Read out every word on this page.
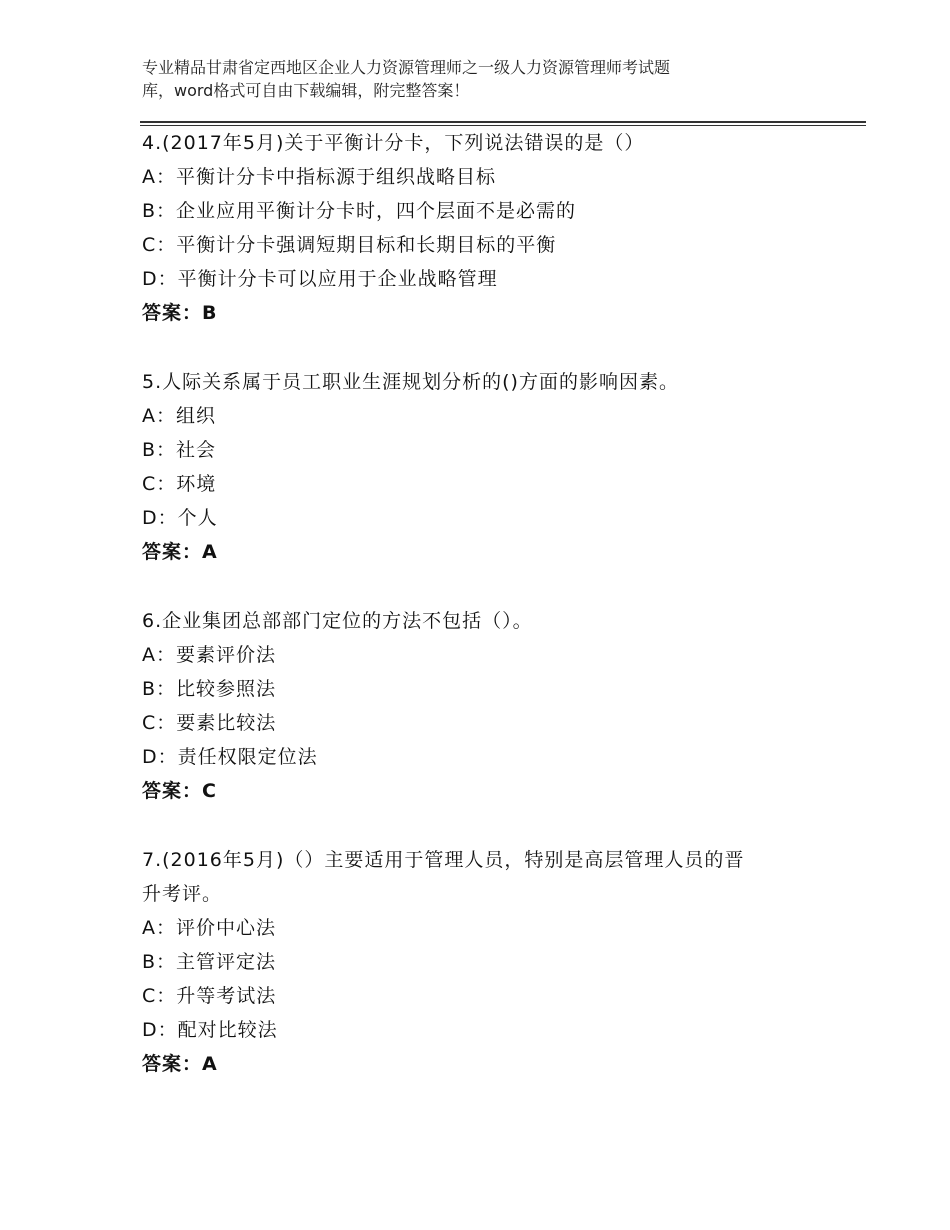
专业精品甘肃省定西地区企业人力资源管理师之一级人力资源管理师考试题
库，word格式可自由下载编辑，附完整答案！
4.(2017年5月)关于平衡计分卡，下列说法错误的是（）
A：平衡计分卡中指标源于组织战略目标
B：企业应用平衡计分卡时，四个层面不是必需的
C：平衡计分卡强调短期目标和长期目标的平衡
D：平衡计分卡可以应用于企业战略管理
答案：B
5.人际关系属于员工职业生涯规划分析的()方面的影响因素。
A：组织
B：社会
C：环境
D：个人
答案：A
6.企业集团总部部门定位的方法不包括（）。
A：要素评价法
B：比较参照法
C：要素比较法
D：责任权限定位法
答案：C
7.(2016年5月)（）主要适用于管理人员，特别是高层管理人员的晋
升考评。
A：评价中心法
B：主管评定法
C：升等考试法
D：配对比较法
答案：A
